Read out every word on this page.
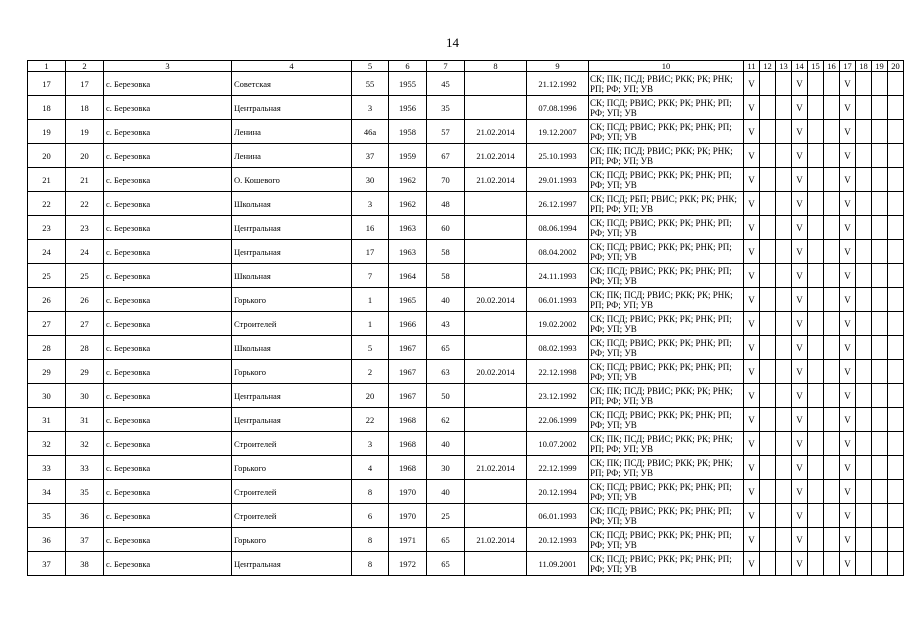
14
1	2	3	4	5	6	7	8	9	10	11	12	13	14	15	16	17	18	19	20
17	17	с. Березовка	Советская	55	1955	45		21.12.1992	СК; ПК; ПСД; РВИС; РКК; РК; РНК; РП; РФ; УП; УВ	V			V			V			
18	18	с. Березовка	Центральная	3	1956	35		07.08.1996	СК; ПСД; РВИС; РКК; РК; РНК; РП; РФ; УП; УВ	V			V			V			
19	19	с. Березовка	Ленина	46а	1958	57	21.02.2014	19.12.2007	СК; ПСД; РВИС; РКК; РК; РНК; РП; РФ; УП; УВ	V			V			V			
20	20	с. Березовка	Ленина	37	1959	67	21.02.2014	25.10.1993	СК; ПК; ПСД; РВИС; РКК; РК; РНК; РП; РФ; УП; УВ	V			V			V			
21	21	с. Березовка	О. Кошевого	30	1962	70	21.02.2014	29.01.1993	СК; ПСД; РВИС; РКК; РК; РНК; РП; РФ; УП; УВ	V			V			V			
22	22	с. Березовка	Школьная	3	1962	48		26.12.1997	СК; ПСД; РБП; РВИС; РКК; РК; РНК; РП; РФ; УП; УВ	V			V			V			
23	23	с. Березовка	Центральная	16	1963	60		08.06.1994	СК; ПСД; РВИС; РКК; РК; РНК; РП; РФ; УП; УВ	V			V			V			
24	24	с. Березовка	Центральная	17	1963	58		08.04.2002	СК; ПСД; РВИС; РКК; РК; РНК; РП; РФ; УП; УВ	V			V			V			
25	25	с. Березовка	Школьная	7	1964	58		24.11.1993	СК; ПСД; РВИС; РКК; РК; РНК; РП; РФ; УП; УВ	V			V			V			
26	26	с. Березовка	Горького	1	1965	40	20.02.2014	06.01.1993	СК; ПК; ПСД; РВИС; РКК; РК; РНК; РП; РФ; УП; УВ	V			V			V			
27	27	с. Березовка	Строителей	1	1966	43		19.02.2002	СК; ПСД; РВИС; РКК; РК; РНК; РП; РФ; УП; УВ	V			V			V			
28	28	с. Березовка	Школьная	5	1967	65		08.02.1993	СК; ПСД; РВИС; РКК; РК; РНК; РП; РФ; УП; УВ	V			V			V			
29	29	с. Березовка	Горького	2	1967	63	20.02.2014	22.12.1998	СК; ПСД; РВИС; РКК; РК; РНК; РП; РФ; УП; УВ	V			V			V			
30	30	с. Березовка	Центральная	20	1967	50		23.12.1992	СК; ПК; ПСД; РВИС; РКК; РК; РНК; РП; РФ; УП; УВ	V			V			V			
31	31	с. Березовка	Центральная	22	1968	62		22.06.1999	СК; ПСД; РВИС; РКК; РК; РНК; РП; РФ; УП; УВ	V			V			V			
32	32	с. Березовка	Строителей	3	1968	40		10.07.2002	СК; ПК; ПСД; РВИС; РКК; РК; РНК; РП; РФ; УП; УВ	V			V			V			
33	33	с. Березовка	Горького	4	1968	30	21.02.2014	22.12.1999	СК; ПК; ПСД; РВИС; РКК; РК; РНК; РП; РФ; УП; УВ	V			V			V			
34	35	с. Березовка	Строителей	8	1970	40		20.12.1994	СК; ПСД; РВИС; РКК; РК; РНК; РП; РФ; УП; УВ	V			V			V			
35	36	с. Березовка	Строителей	6	1970	25		06.01.1993	СК; ПСД; РВИС; РКК; РК; РНК; РП; РФ; УП; УВ	V			V			V			
36	37	с. Березовка	Горького	8	1971	65	21.02.2014	20.12.1993	СК; ПСД; РВИС; РКК; РК; РНК; РП; РФ; УП; УВ	V			V			V			
37	38	с. Березовка	Центральная	8	1972	65		11.09.2001	СК; ПСД; РВИС; РКК; РК; РНК; РП; РФ; УП; УВ	V			V			V			
